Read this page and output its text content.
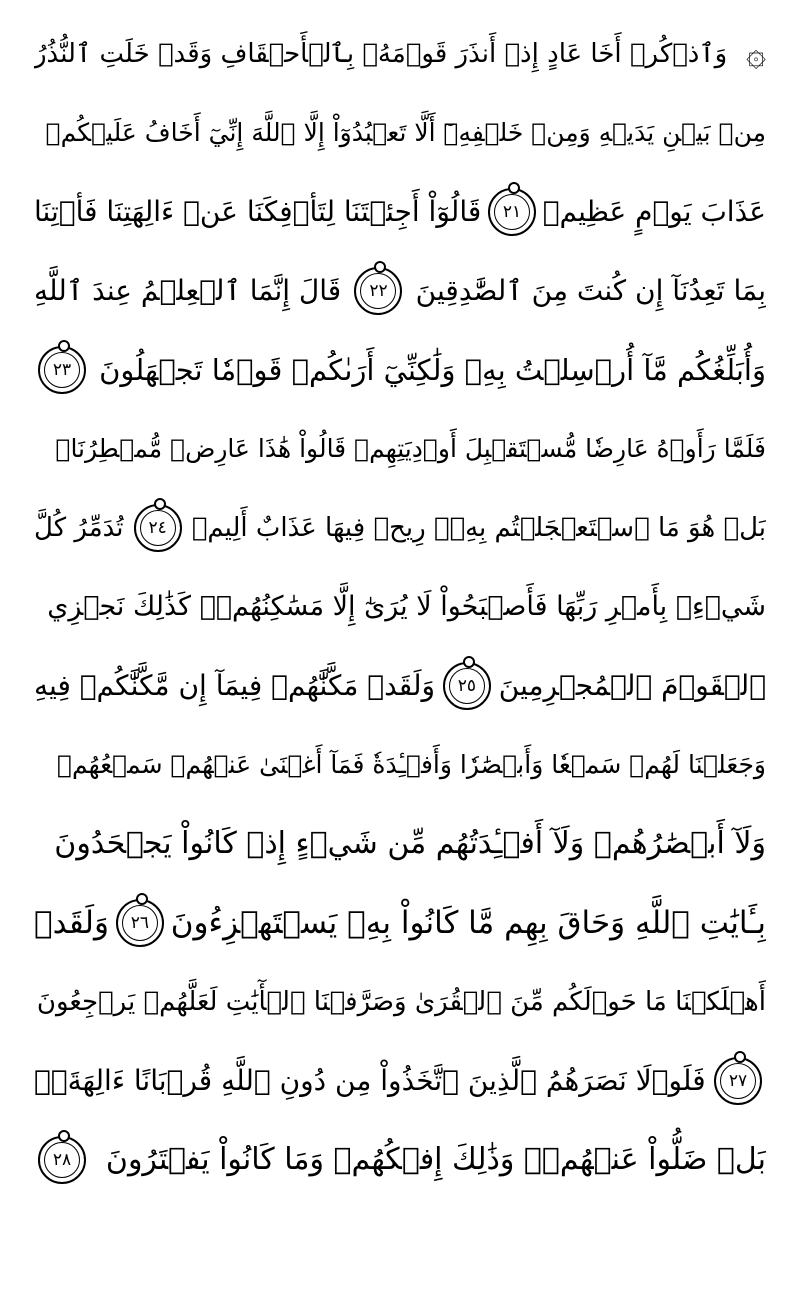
۞
وَٱذۡكُرۡ أَخَا عَادٍ إِذۡ أَنذَرَ قَوۡمَهُۥ بِٱلۡأَحۡقَافِ وَقَدۡ خَلَتِ ٱلنُّذُرُ
مِنۢ بَيۡنِ يَدَيۡهِ وَمِنۡ خَلۡفِهِۦٓ أَلَّا تَعۡبُدُوٓاْ إِلَّا ٱللَّهَ إِنِّيٓ أَخَافُ عَلَيۡكُمۡ
عَذَابَ يَوۡمٍ عَظِيمٖ
٢١
قَالُوٓاْ أَجِئۡتَنَا لِتَأۡفِكَنَا عَنۡ ءَالِهَتِنَا فَأۡتِنَا
بِمَا تَعِدُنَآ إِن كُنتَ مِنَ ٱلصَّٰدِقِينَ
٢٢
قَالَ إِنَّمَا ٱلۡعِلۡمُ عِندَ ٱللَّهِ
وَأُبَلِّغُكُم مَّآ أُرۡسِلۡتُ بِهِۦ وَلَٰكِنِّيٓ أَرَىٰكُمۡ قَوۡمٗا تَجۡهَلُونَ
٢٣
فَلَمَّا رَأَوۡهُ عَارِضٗا مُّسۡتَقۡبِلَ أَوۡدِيَتِهِمۡ قَالُواْ هَٰذَا عَارِضٞ مُّمۡطِرُنَاۚ
بَلۡ هُوَ مَا ٱسۡتَعۡجَلۡتُم بِهِۦۖ رِيحٞ فِيهَا عَذَابٌ أَلِيمٞ
٢٤
تُدَمِّرُ كُلَّ
شَيۡءِۭ بِأَمۡرِ رَبِّهَا فَأَصۡبَحُواْ لَا يُرَىٰٓ إِلَّا مَسَٰكِنُهُمۡۚ كَذَٰلِكَ نَجۡزِي
ٱلۡقَوۡمَ ٱلۡمُجۡرِمِينَ
٢٥
وَلَقَدۡ مَكَّنَّٰهُمۡ فِيمَآ إِن مَّكَّنَّٰكُمۡ فِيهِ
وَجَعَلۡنَا لَهُمۡ سَمۡعٗا وَأَبۡصَٰرٗا وَأَفۡـِٔدَةٗ فَمَآ أَغۡنَىٰ عَنۡهُمۡ سَمۡعُهُمۡ
وَلَآ أَبۡصَٰرُهُمۡ وَلَآ أَفۡـِٔدَتُهُم مِّن شَيۡءٍ إِذۡ كَانُواْ يَجۡحَدُونَ
بِـَٔايَٰتِ ٱللَّهِ وَحَاقَ بِهِم مَّا كَانُواْ بِهِۦ يَسۡتَهۡزِءُونَ
٢٦
وَلَقَدۡ
أَهۡلَكۡنَا مَا حَوۡلَكُم مِّنَ ٱلۡقُرَىٰ وَصَرَّفۡنَا ٱلۡأٓيَٰتِ لَعَلَّهُمۡ يَرۡجِعُونَ
٢٧
فَلَوۡلَا نَصَرَهُمُ ٱلَّذِينَ ٱتَّخَذُواْ مِن دُونِ ٱللَّهِ قُرۡبَانًا ءَالِهَةَۢۖ
بَلۡ ضَلُّواْ عَنۡهُمۡۚ وَذَٰلِكَ إِفۡكُهُمۡ وَمَا كَانُواْ يَفۡتَرُونَ
٢٨
